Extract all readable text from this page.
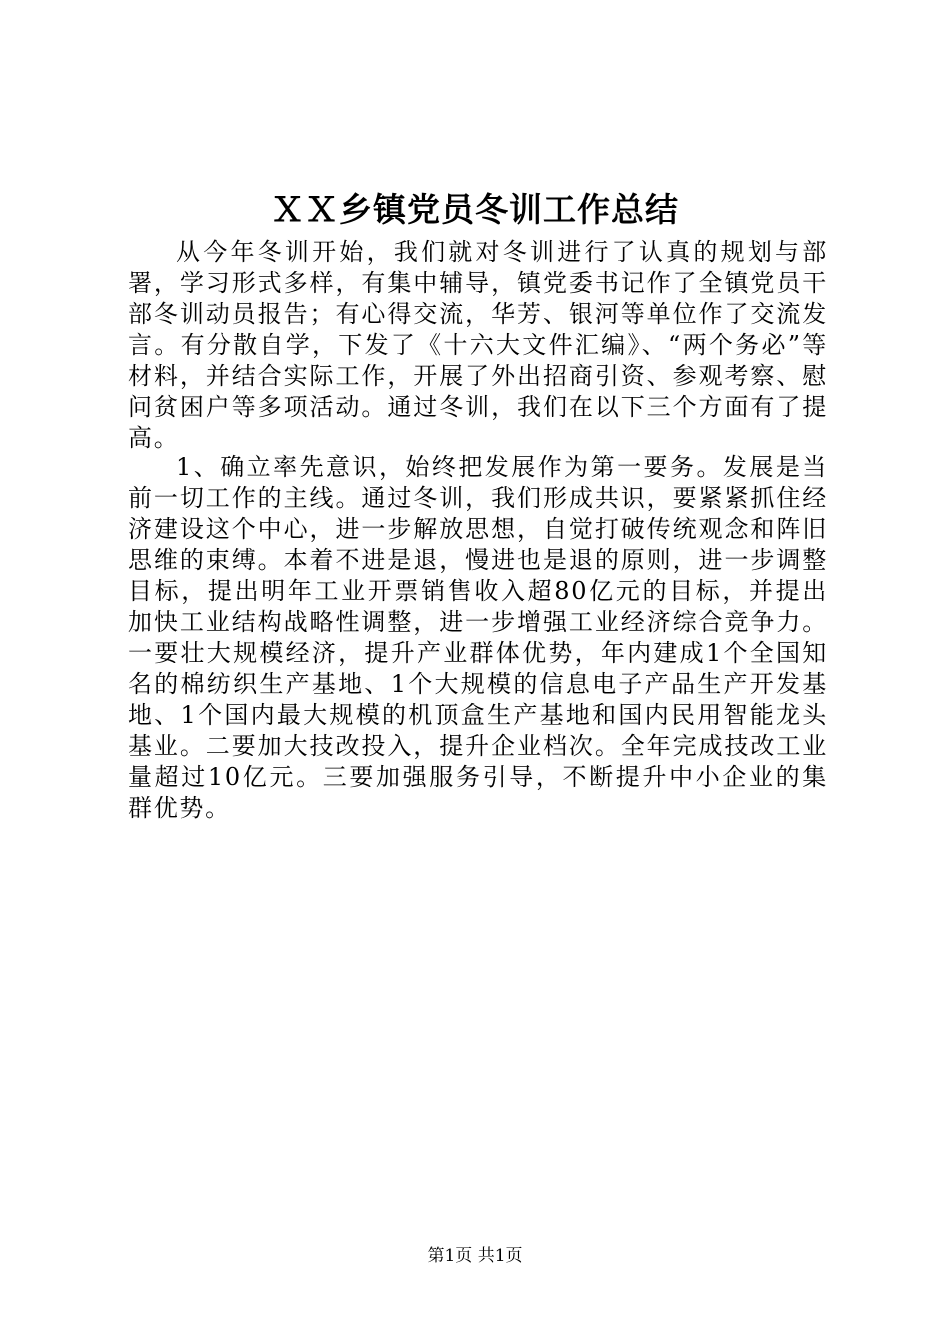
ＸＸ乡镇党员冬训工作总结

从今年冬训开始，我们就对冬训进行了认真的规划与部署，学习形式多样，有集中辅导，镇党委书记作了全镇党员干部冬训动员报告；有心得交流，华芳、银河等单位作了交流发言。有分散自学，下发了《十六大文件汇编》、“两个务必”等材料，并结合实际工作，开展了外出招商引资、参观考察、慰问贫困户等多项活动。通过冬训，我们在以下三个方面有了提高。

1、确立率先意识，始终把发展作为第一要务。发展是当前一切工作的主线。通过冬训，我们形成共识，要紧紧抓住经济建设这个中心，进一步解放思想，自觉打破传统观念和阵旧思维的束缚。本着不进是退，慢进也是退的原则，进一步调整目标，提出明年工业开票销售收入超80亿元的目标，并提出加快工业结构战略性调整，进一步增强工业经济综合竞争力。一要壮大规模经济，提升产业群体优势，年内建成1个全国知名的棉纺织生产基地、1个大规模的信息电子产品生产开发基地、1个国内最大规模的机顶盒生产基地和国内民用智能龙头基业。二要加大技改投入，提升企业档次。全年完成技改工业量超过10亿元。三要加强服务引导，不断提升中小企业的集群优势。

第1页 共1页
